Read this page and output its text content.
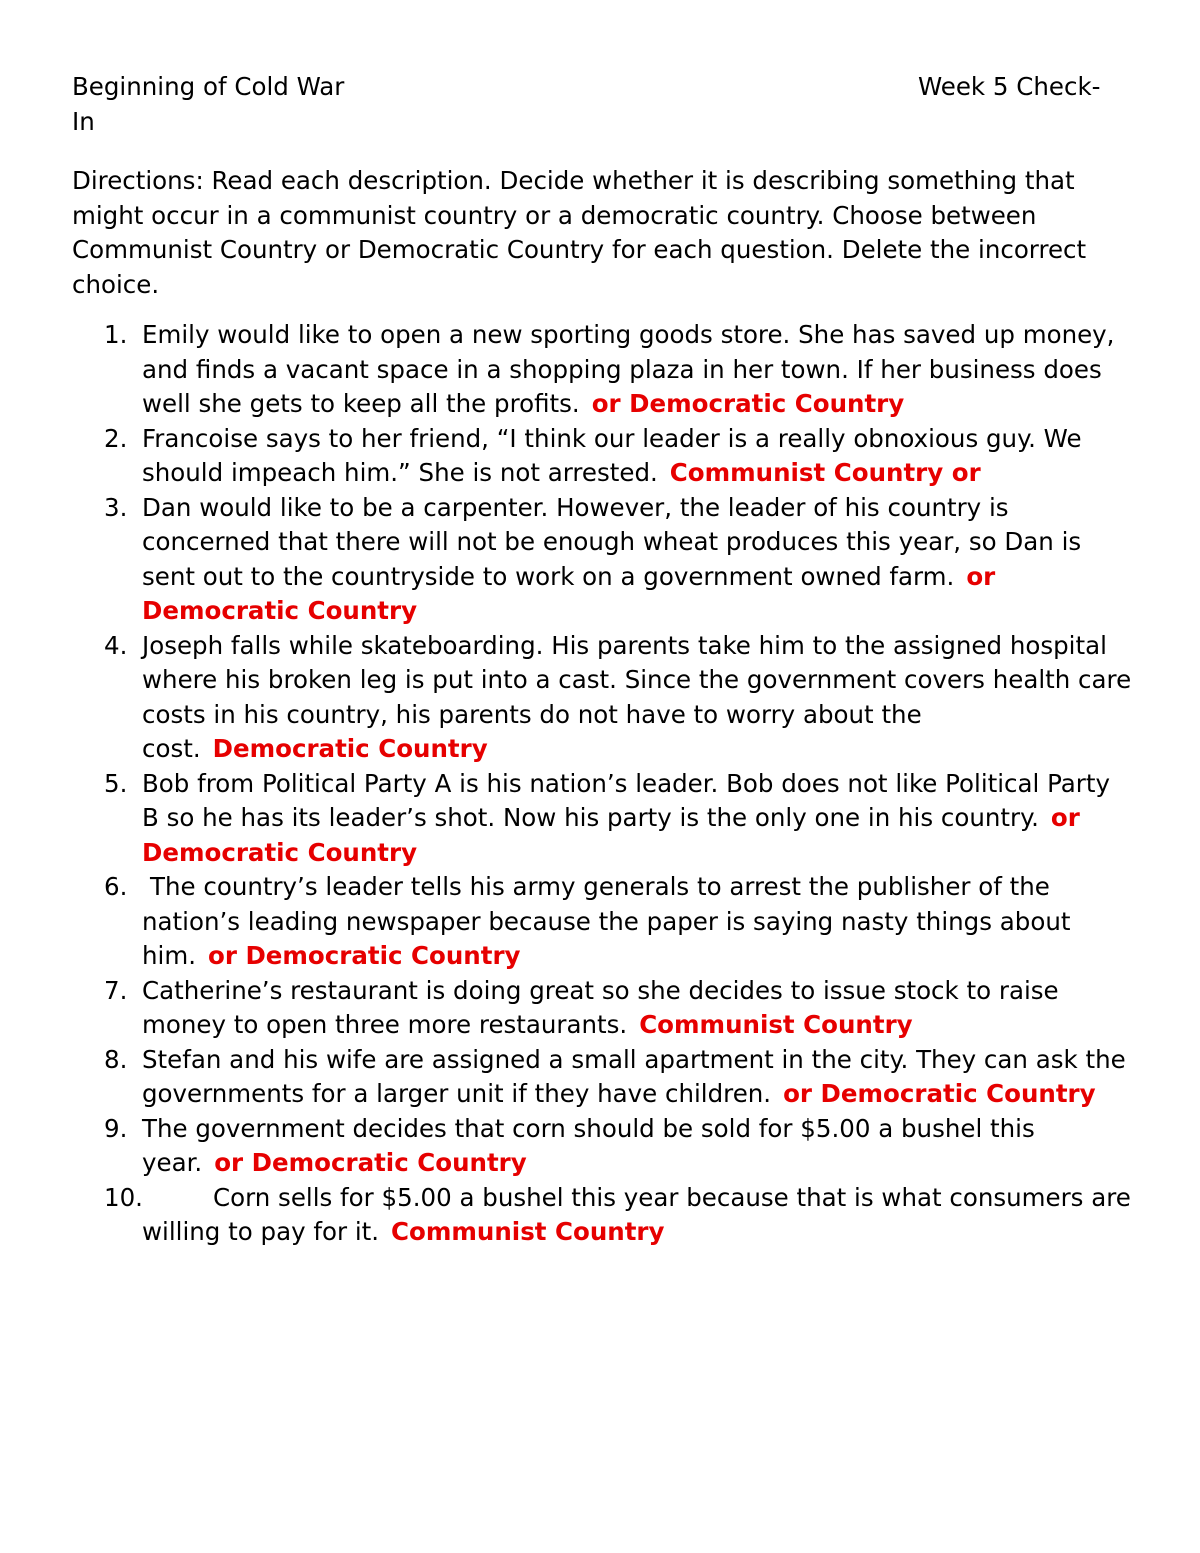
Beginning of Cold War	Week 5 Check-
In
Directions: Read each description. Decide whether it is describing something that might occur in a communist country or a democratic country. Choose between Communist Country or Democratic Country for each question. Delete the incorrect choice.
1. Emily would like to open a new sporting goods store. She has saved up money, and finds a vacant space in a shopping plaza in her town. If her business does well she gets to keep all the profits. or Democratic Country
2. Francoise says to her friend, “I think our leader is a really obnoxious guy. We should impeach him.” She is not arrested. Communist Country or
3. Dan would like to be a carpenter. However, the leader of his country is concerned that there will not be enough wheat produces this year, so Dan is sent out to the countryside to work on a government owned farm. or Democratic Country
4. Joseph falls while skateboarding. His parents take him to the assigned hospital where his broken leg is put into a cast. Since the government covers health care costs in his country, his parents do not have to worry about the cost. Democratic Country
5. Bob from Political Party A is his nation’s leader. Bob does not like Political Party B so he has its leader’s shot. Now his party is the only one in his country. or Democratic Country
6. The country’s leader tells his army generals to arrest the publisher of the nation’s leading newspaper because the paper is saying nasty things about him. or Democratic Country
7. Catherine’s restaurant is doing great so she decides to issue stock to raise money to open three more restaurants. Communist Country
8. Stefan and his wife are assigned a small apartment in the city. They can ask the governments for a larger unit if they have children. or Democratic Country
9. The government decides that corn should be sold for $5.00 a bushel this year. or Democratic Country
10.	Corn sells for $5.00 a bushel this year because that is what consumers are willing to pay for it. Communist Country
